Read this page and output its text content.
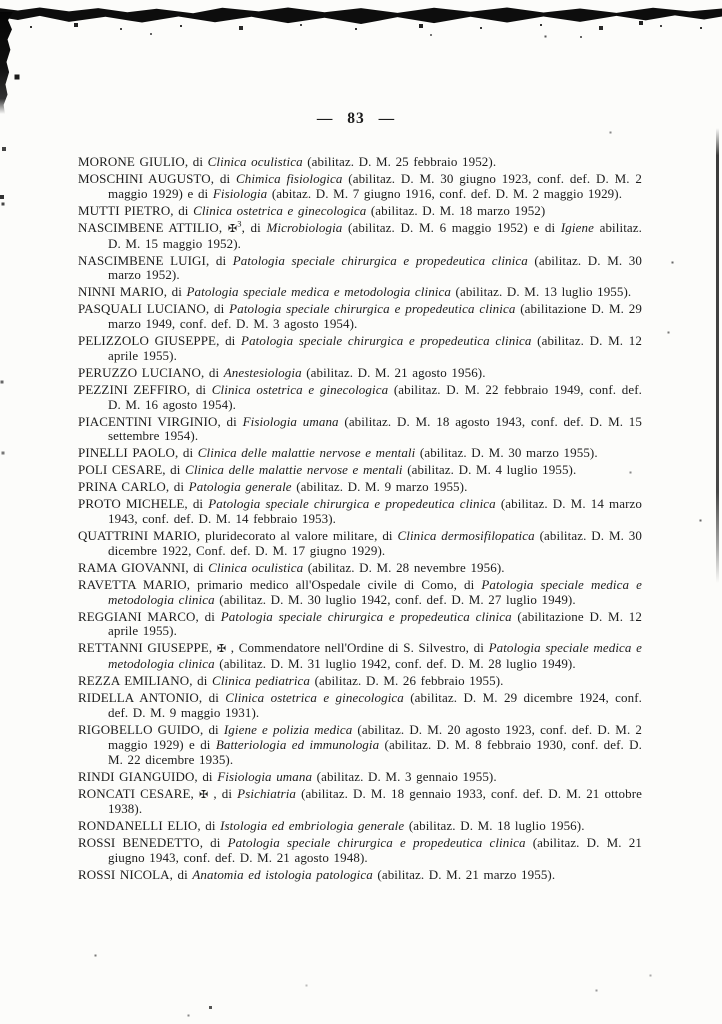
— 83 —

MORONE GIULIO, di Clinica oculistica (abilitaz. D. M. 25 febbraio 1952).

MOSCHINI AUGUSTO, di Chimica fisiologica (abilitaz. D. M. 30 giugno 1923, conf. def. D. M. 2 maggio 1929) e di Fisiologia (abitaz. D. M. 7 giugno 1916, conf. def. D. M. 2 maggio 1929).

MUTTI PIETRO, di Clinica ostetrica e ginecologica (abilitaz. D. M. 18 marzo 1952)

NASCIMBENE ATTILIO, ✠$^3$, di Microbiologia (abilitaz. D. M. 6 maggio 1952) e di Igiene abilitaz. D. M. 15 maggio 1952).

NASCIMBENE LUIGI, di Patologia speciale chirurgica e propedeutica clinica (abilitaz. D. M. 30 marzo 1952).

NINNI MARIO, di Patologia speciale medica e metodologia clinica (abilitaz. D. M. 13 luglio 1955).

PASQUALI LUCIANO, di Patologia speciale chirurgica e propedeutica clinica (abilitazione D. M. 29 marzo 1949, conf. def. D. M. 3 agosto 1954).

PELIZZOLO GIUSEPPE, di Patologia speciale chirurgica e propedeutica clinica (abilitaz. D. M. 12 aprile 1955).

PERUZZO LUCIANO, di Anestesiologia (abilitaz. D. M. 21 agosto 1956).

PEZZINI ZEFFIRO, di Clinica ostetrica e ginecologica (abilitaz. D. M. 22 febbraio 1949, conf. def. D. M. 16 agosto 1954).

PIACENTINI VIRGINIO, di Fisiologia umana (abilitaz. D. M. 18 agosto 1943, conf. def. D. M. 15 settembre 1954).

PINELLI PAOLO, di Clinica delle malattie nervose e mentali (abilitaz. D. M. 30 marzo 1955).

POLI CESARE, di Clinica delle malattie nervose e mentali (abilitaz. D. M. 4 luglio 1955).

PRINA CARLO, di Patologia generale (abilitaz. D. M. 9 marzo 1955).

PROTO MICHELE, di Patologia speciale chirurgica e propedeutica clinica (abilitaz. D. M. 14 marzo 1943, conf. def. D. M. 14 febbraio 1953).

QUATTRINI MARIO, pluridecorato al valore militare, di Clinica dermosifilopatica (abilitaz. D. M. 30 dicembre 1922, Conf. def. D. M. 17 giugno 1929).

RAMA GIOVANNI, di Clinica oculistica (abilitaz. D. M. 28 nevembre 1956).

RAVETTA MARIO, primario medico all'Ospedale civile di Como, di Patologia speciale medica e metodologia clinica (abilitaz. D. M. 30 luglio 1942, conf. def. D. M. 27 luglio 1949).

REGGIANI MARCO, di Patologia speciale chirurgica e propedeutica clinica (abilitazione D. M. 12 aprile 1955).

RETTANNI GIUSEPPE, ✠ , Commendatore nell'Ordine di S. Silvestro, di Patologia speciale medica e metodologia clinica (abilitaz. D. M. 31 luglio 1942, conf. def. D. M. 28 luglio 1949).

REZZA EMILIANO, di Clinica pediatrica (abilitaz. D. M. 26 febbraio 1955).

RIDELLA ANTONIO, di Clinica ostetrica e ginecologica (abilitaz. D. M. 29 dicembre 1924, conf. def. D. M. 9 maggio 1931).

RIGOBELLO GUIDO, di Igiene e polizia medica (abilitaz. D. M. 20 agosto 1923, conf. def. D. M. 2 maggio 1929) e di Batteriologia ed immunologia (abilitaz. D. M. 8 febbraio 1930, conf. def. D. M. 22 dicembre 1935).

RINDI GIANGUIDO, di Fisiologia umana (abilitaz. D. M. 3 gennaio 1955).

RONCATI CESARE, ✠ , di Psichiatria (abilitaz. D. M. 18 gennaio 1933, conf. def. D. M. 21 ottobre 1938).

RONDANELLI ELIO, di Istologia ed embriologia generale (abilitaz. D. M. 18 luglio 1956).

ROSSI BENEDETTO, di Patologia speciale chirurgica e propedeutica clinica (abilitaz. D. M. 21 giugno 1943, conf. def. D. M. 21 agosto 1948).

ROSSI NICOLA, di Anatomia ed istologia patologica (abilitaz. D. M. 21 marzo 1955).
